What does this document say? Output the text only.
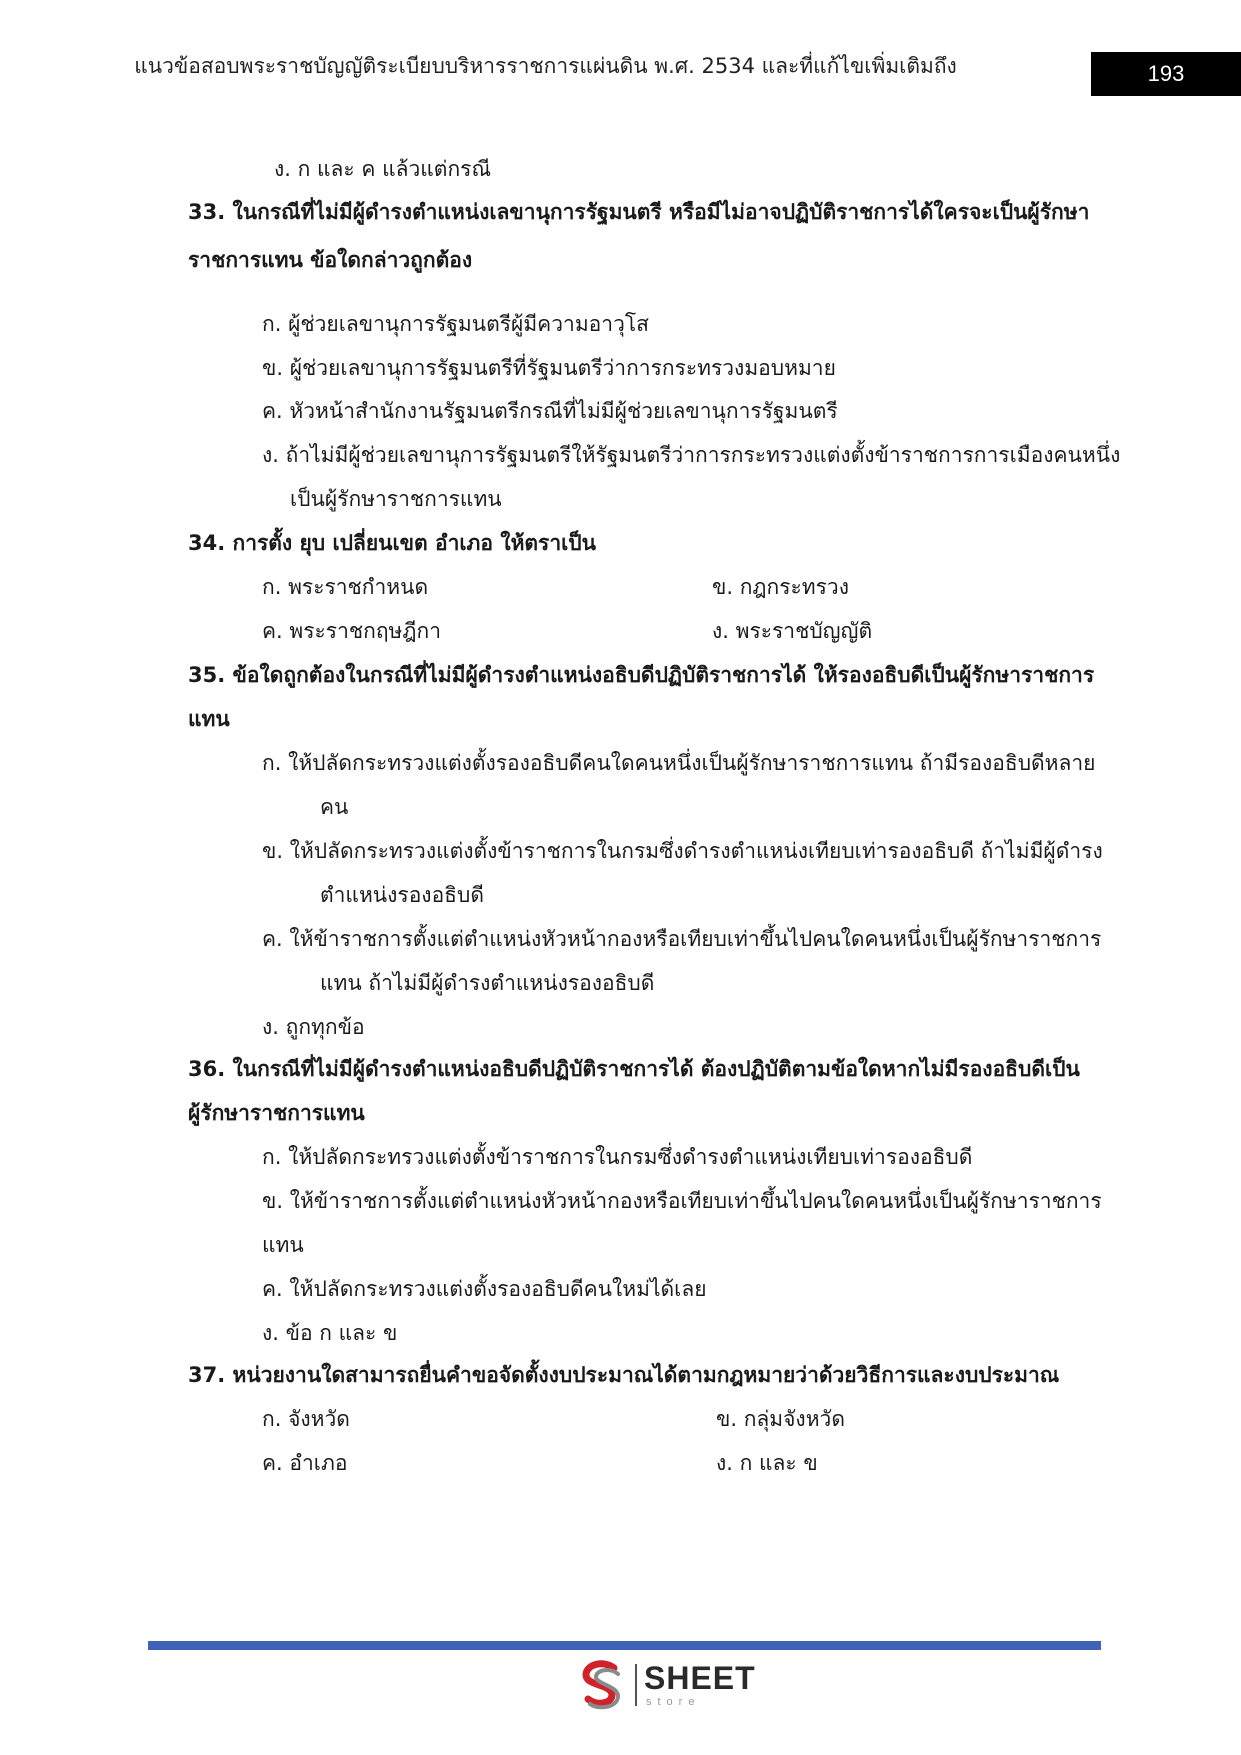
แนวข้อสอบพระราชบัญญัติระเบียบบริหารราชการแผ่นดิน พ.ศ. 2534 และที่แก้ไขเพิ่มเติมถึง	193
ง. ก และ ค แล้วแต่กรณี
33. ในกรณีที่ไม่มีผู้ดำรงตำแหน่งเลขานุการรัฐมนตรี หรือมีไม่อาจปฏิบัติราชการได้ใครจะเป็นผู้รักษา
ราชการแทน ข้อใดกล่าวถูกต้อง
ก. ผู้ช่วยเลขานุการรัฐมนตรีผู้มีความอาวุโส
ข. ผู้ช่วยเลขานุการรัฐมนตรีที่รัฐมนตรีว่าการกระทรวงมอบหมาย
ค. หัวหน้าสำนักงานรัฐมนตรีกรณีที่ไม่มีผู้ช่วยเลขานุการรัฐมนตรี
ง. ถ้าไม่มีผู้ช่วยเลขานุการรัฐมนตรีให้รัฐมนตรีว่าการกระทรวงแต่งตั้งข้าราชการการเมืองคนหนึ่ง
เป็นผู้รักษาราชการแทน
34. การตั้ง ยุบ เปลี่ยนเขต อำเภอ ให้ตราเป็น
ก. พระราชกำหนด	ข. กฎกระทรวง
ค. พระราชกฤษฎีกา	ง. พระราชบัญญัติ
35. ข้อใดถูกต้องในกรณีที่ไม่มีผู้ดำรงตำแหน่งอธิบดีปฏิบัติราชการได้ ให้รองอธิบดีเป็นผู้รักษาราชการ
แทน
ก. ให้ปลัดกระทรวงแต่งตั้งรองอธิบดีคนใดคนหนึ่งเป็นผู้รักษาราชการแทน ถ้ามีรองอธิบดีหลาย
คน
ข. ให้ปลัดกระทรวงแต่งตั้งข้าราชการในกรมซึ่งดำรงตำแหน่งเทียบเท่ารองอธิบดี ถ้าไม่มีผู้ดำรง
ตำแหน่งรองอธิบดี
ค. ให้ข้าราชการตั้งแต่ตำแหน่งหัวหน้ากองหรือเทียบเท่าขึ้นไปคนใดคนหนึ่งเป็นผู้รักษาราชการ
แทน ถ้าไม่มีผู้ดำรงตำแหน่งรองอธิบดี
ง. ถูกทุกข้อ
36. ในกรณีที่ไม่มีผู้ดำรงตำแหน่งอธิบดีปฏิบัติราชการได้ ต้องปฏิบัติตามข้อใดหากไม่มีรองอธิบดีเป็น
ผู้รักษาราชการแทน
ก. ให้ปลัดกระทรวงแต่งตั้งข้าราชการในกรมซึ่งดำรงตำแหน่งเทียบเท่ารองอธิบดี
ข. ให้ข้าราชการตั้งแต่ตำแหน่งหัวหน้ากองหรือเทียบเท่าขึ้นไปคนใดคนหนึ่งเป็นผู้รักษาราชการ
แทน
ค. ให้ปลัดกระทรวงแต่งตั้งรองอธิบดีคนใหม่ได้เลย
ง. ข้อ ก และ ข
37. หน่วยงานใดสามารถยื่นคำขอจัดตั้งงบประมาณได้ตามกฎหมายว่าด้วยวิธีการและงบประมาณ
ก. จังหวัด	ข. กลุ่มจังหวัด
ค. อำเภอ	ง. ก และ ข
SHEET
store
